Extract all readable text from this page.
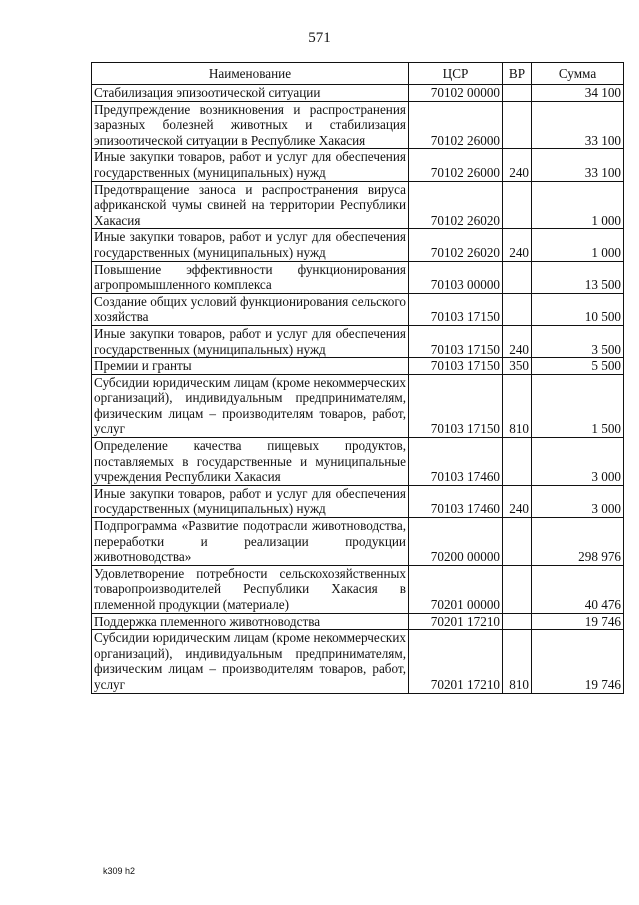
571
Наименование	ЦСР	ВР	Сумма
Стабилизация эпизоотической ситуации	70102 00000		34 100
Предупреждение возникновения и распространения заразных болезней животных и стабилизация эпизоотической ситуации в Республике Хакасия	70102 26000		33 100
Иные закупки товаров, работ и услуг для обеспечения государственных (муниципальных) нужд	70102 26000	240	33 100
Предотвращение заноса и распространения вируса африканской чумы свиней на территории Республики Хакасия	70102 26020		1 000
Иные закупки товаров, работ и услуг для обеспечения государственных (муниципальных) нужд	70102 26020	240	1 000
Повышение эффективности функционирования агропромышленного комплекса	70103 00000		13 500
Создание общих условий функционирования сельского хозяйства	70103 17150		10 500
Иные закупки товаров, работ и услуг для обеспечения государственных (муниципальных) нужд	70103 17150	240	3 500
Премии и гранты	70103 17150	350	5 500
Субсидии юридическим лицам (кроме некоммерческих организаций), индивидуальным предпринимателям, физическим лицам – производителям товаров, работ, услуг	70103 17150	810	1 500
Определение качества пищевых продуктов, поставляемых в государственные и муниципальные учреждения Республики Хакасия	70103 17460		3 000
Иные закупки товаров, работ и услуг для обеспечения государственных (муниципальных) нужд	70103 17460	240	3 000
Подпрограмма «Развитие подотрасли животноводства, переработки и реализации продукции животноводства»	70200 00000		298 976
Удовлетворение потребности сельскохозяйственных товаропроизводителей Республики Хакасия в племенной продукции (материале)	70201 00000		40 476
Поддержка племенного животноводства	70201 17210		19 746
Субсидии юридическим лицам (кроме некоммерческих организаций), индивидуальным предпринимателям, физическим лицам – производителям товаров, работ, услуг	70201 17210	810	19 746
k309 h2
